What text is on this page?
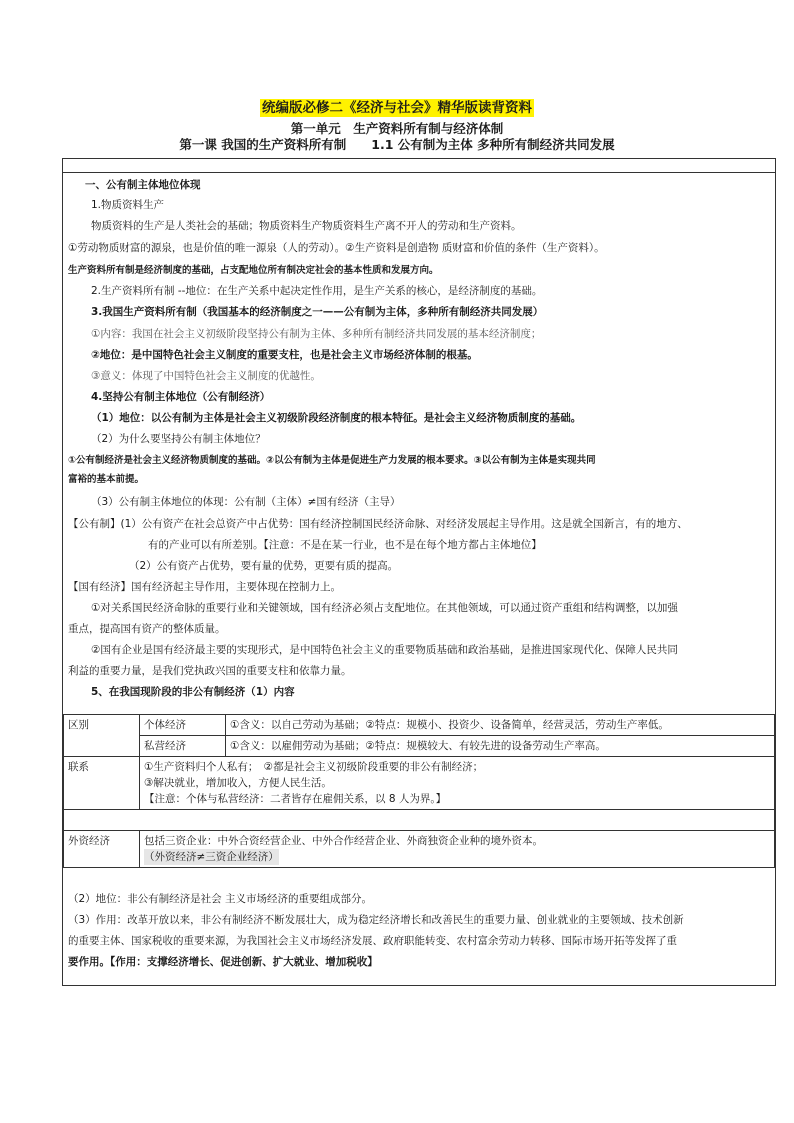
统编版必修二《经济与社会》精华版读背资料
第一单元　生产资料所有制与经济体制
第一课 我国的生产资料所有制　　1.1 公有制为主体 多种所有制经济共同发展
一、公有制主体地位体现
1.物质资料生产
物质资料的生产是人类社会的基础；物质资料生产物质资料生产离不开人的劳动和生产资料。
①劳动物质财富的源泉，也是价值的唯一源泉（人的劳动）。②生产资料是创造物 质财富和价值的条件（生产资料）。
生产资料所有制是经济制度的基础，占支配地位所有制决定社会的基本性质和发展方向。
2.生产资料所有制 --地位：在生产关系中起决定性作用，是生产关系的核心，是经济制度的基础。
3.我国生产资料所有制（我国基本的经济制度之一——公有制为主体，多种所有制经济共同发展）
①内容：我国在社会主义初级阶段坚持公有制为主体、多种所有制经济共同发展的基本经济制度；
②地位：是中国特色社会主义制度的重要支柱，也是社会主义市场经济体制的根基。
③意义：体现了中国特色社会主义制度的优越性。
4.坚持公有制主体地位（公有制经济）
（1）地位：以公有制为主体是社会主义初级阶段经济制度的根本特征。是社会主义经济物质制度的基础。
（2）为什么要坚持公有制主体地位？
①公有制经济是社会主义经济物质制度的基础。②以公有制为主体是促进生产力发展的根本要求。③以公有制为主体是实现共同
富裕的基本前提。
（3）公有制主体地位的体现：公有制（主体）≠国有经济（主导）
【公有制】(1）公有资产在社会总资产中占优势：国有经济控制国民经济命脉、对经济发展起主导作用。这是就全国新言，有的地方、
有的产业可以有所差别。【注意：不是在某一行业，也不是在每个地方都占主体地位】
（2）公有资产占优势，要有量的优势，更要有质的提高。
【国有经济】国有经济起主导作用，主要体现在控制力上。
①对关系国民经济命脉的重要行业和关键领域，国有经济必须占支配地位。在其他领域，可以通过资产重组和结构调整，以加强
重点，提高国有资产的整体质量。
②国有企业是国有经济最主要的实现形式，是中国特色社会主义的重要物质基础和政治基础，是推进国家现代化、保障人民共同
利益的重要力量，是我们党执政兴国的重要支柱和依靠力量。
5、在我国现阶段的非公有制经济（1）内容
区别	个体经济	①含义：以自己劳动为基础；②特点：规模小、投资少、设备简单，经营灵活，劳动生产率低。
	私营经济	①含义：以雇佣劳动为基础；②特点：规模较大、有较先进的设备劳动生产率高。
联系	①生产资料归个人私有；　②都是社会主义初级阶段重要的非公有制经济；
③解决就业，增加收入，方便人民生活。
【注意：个体与私营经济：二者皆存在雇佣关系，以 8 人为界。】	

外资经济	包括三资企业：中外合资经营企业、中外合作经营企业、外商独资企业种的境外资本。
（外资经济≠三资企业经济）	
（2）地位：非公有制经济是社会 主义市场经济的重要组成部分。
（3）作用：改革开放以来，非公有制经济不断发展壮大，成为稳定经济增长和改善民生的重要力量、创业就业的主要领域、技术创新
的重要主体、国家税收的重要来源，为我国社会主义市场经济发展、政府职能转变、农村富余劳动力转移、国际市场开拓等发挥了重
要作用。【作用：支撑经济增长、促进创新、扩大就业、增加税收】
